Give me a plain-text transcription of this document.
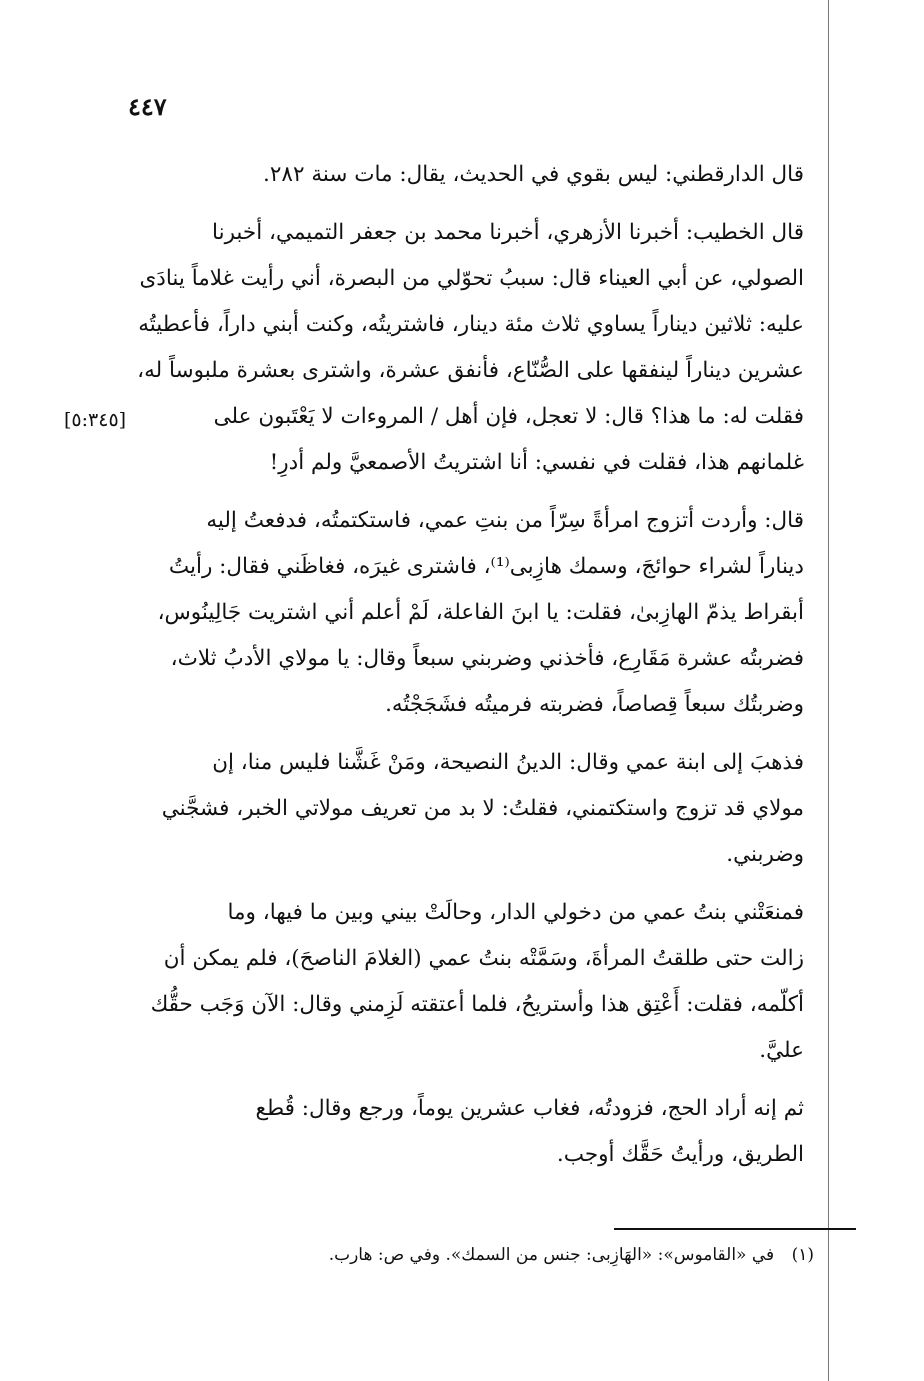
٤٤٧
[٥:٣٤٥]

قال الدارقطني: ليس بقوي في الحديث، يقال: مات سنة ٢٨٢.

قال الخطيب: أخبرنا الأزهري، أخبرنا محمد بن جعفر التميمي، أخبرنا
الصولي، عن أبي العيناء قال: سببُ تحوّلي من البصرة، أني رأيت غلاماً ينادَى
عليه: ثلاثين ديناراً يساوي ثلاث مئة دينار، فاشتريتُه، وكنت أبني داراً، فأعطيتُه
عشرين ديناراً لينفقها على الصُّنّاع، فأنفق عشرة، واشترى بعشرة ملبوساً له،
فقلت له: ما هذا؟ قال: لا تعجل، فإن أهل / المروءات لا يَعْتَبون على
غلمانهم هذا، فقلت في نفسي: أنا اشتريتُ الأصمعيَّ ولم أدرِ!

قال: وأردت أتزوج امرأةً سِرّاً من بنتِ عمي، فاستكتمتُه، فدفعتُ إليه
ديناراً لشراء حوائجَ، وسمك هازِبى⁽¹⁾، فاشترى غيرَه، فغاظَني فقال: رأيتُ
أبقراط يذمّ الهازِبىٰ، فقلت: يا ابنَ الفاعلة، لَمْ أعلم أني اشتريت جَالِينُوس،
فضربتُه عشرة مَقَارِع، فأخذني وضربني سبعاً وقال: يا مولاي الأدبُ ثلاث،
وضربتُك سبعاً قِصاصاً، فضربته فرميتُه فشَجَجْتُه.

فذهبَ إلى ابنة عمي وقال: الدينُ النصيحة، ومَنْ غَشَّنا فليس منا، إن
مولاي قد تزوج واستكتمني، فقلتُ: لا بد من تعريف مولاتي الخبر، فشجَّني
وضربني.

فمنعَتْني بنتُ عمي من دخولي الدار، وحالَتْ بيني وبين ما فيها، وما
زالت حتى طلقتُ المرأةَ، وسَمَّتْه بنتُ عمي (الغلامَ الناصحَ)، فلم يمكن أن
أكلّمه، فقلت: أَعْتِق هذا وأستريحُ، فلما أعتقته لَزِمني وقال: الآن وَجَب حقُّك
عليَّ.

ثم إنه أراد الحج، فزودتُه، فغاب عشرين يوماً، ورجع وقال: قُطع
الطريق، ورأيتُ حَقَّك أوجب.

(١) في «القاموس»: «الهَازِبى: جنس من السمك». وفي ص: هارب.
